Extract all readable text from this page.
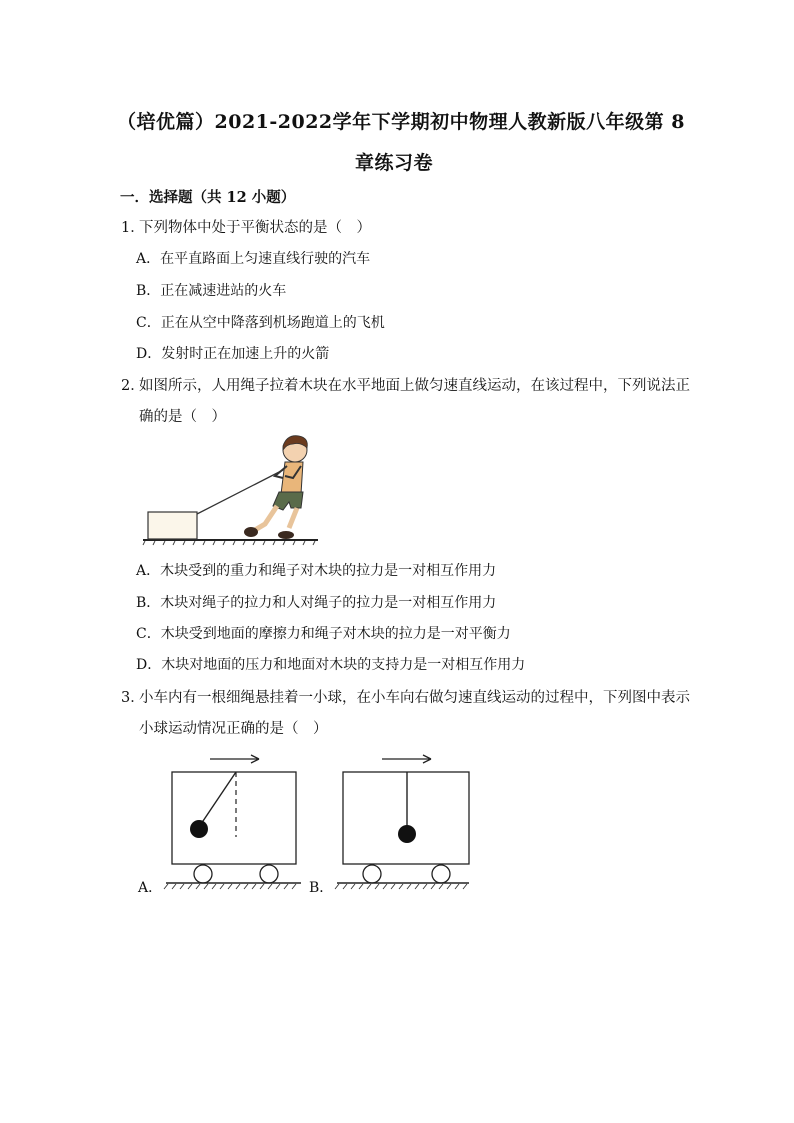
（培优篇）2021-2022学年下学期初中物理人教新版八年级第 8
章练习卷
一．选择题（共 12 小题）
1．
下列物体中处于平衡状态的是（　）
A．在平直路面上匀速直线行驶的汽车
B．正在减速进站的火车
C．正在从空中降落到机场跑道上的飞机
D．发射时正在加速上升的火箭
2．
如图所示，人用绳子拉着木块在水平地面上做匀速直线运动，在该过程中，下列说法正
确的是（　）
A．木块受到的重力和绳子对木块的拉力是一对相互作用力
B．木块对绳子的拉力和人对绳子的拉力是一对相互作用力
C．木块受到地面的摩擦力和绳子对木块的拉力是一对平衡力
D．木块对地面的压力和地面对木块的支持力是一对相互作用力
3．
小车内有一根细绳悬挂着一小球，在小车向右做匀速直线运动的过程中，下列图中表示
小球运动情况正确的是（　）
A．	B．
